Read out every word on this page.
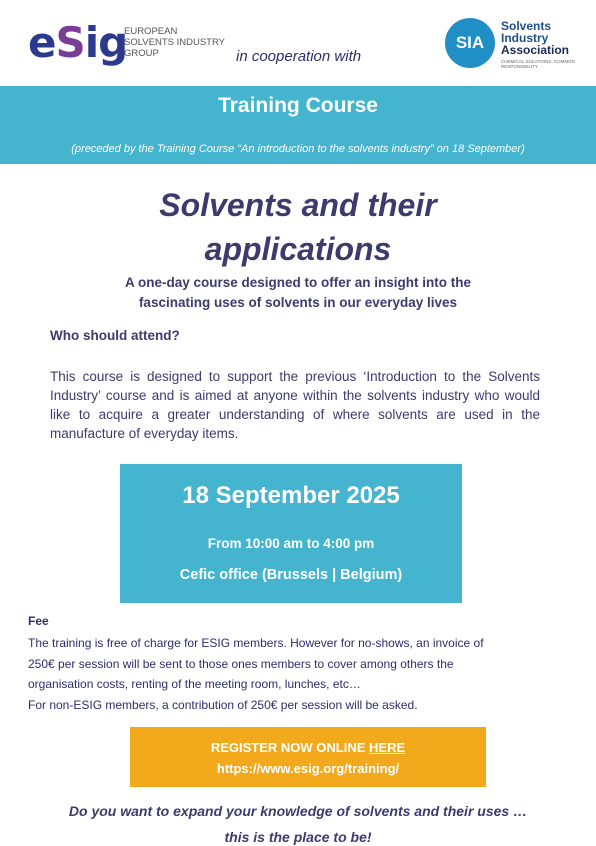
eSig
EUROPEAN
SOLVENTS INDUSTRY
GROUP	in cooperation with
SIA
Solvents
Industry
Association
CHEMICAL SOLUTIONS, COMMON RESPONSIBILITY
Training Course
(preceded by the Training Course “An introduction to the solvents industry” on 18 September)
Solvents and their
applications
A one-day course designed to offer an insight into the
fascinating uses of solvents in our everyday lives
Who should attend?
This course is designed to support the previous ‘Introduction to the Solvents Industry’ course and is aimed at anyone within the solvents industry who would like to acquire a greater understanding of where solvents are used in the manufacture of everyday items.
18 September 2025
From 10:00 am to 4:00 pm
Cefic office (Brussels | Belgium)
Fee
The training is free of charge for ESIG members. However for no-shows, an invoice of
250€ per session will be sent to those ones members to cover among others the
organisation costs, renting of the meeting room, lunches, etc…
For non-ESIG members, a contribution of 250€ per session will be asked.
REGISTER NOW ONLINE HERE
https://www.esig.org/training/
Do you want to expand your knowledge of solvents and their uses …
this is the place to be!
